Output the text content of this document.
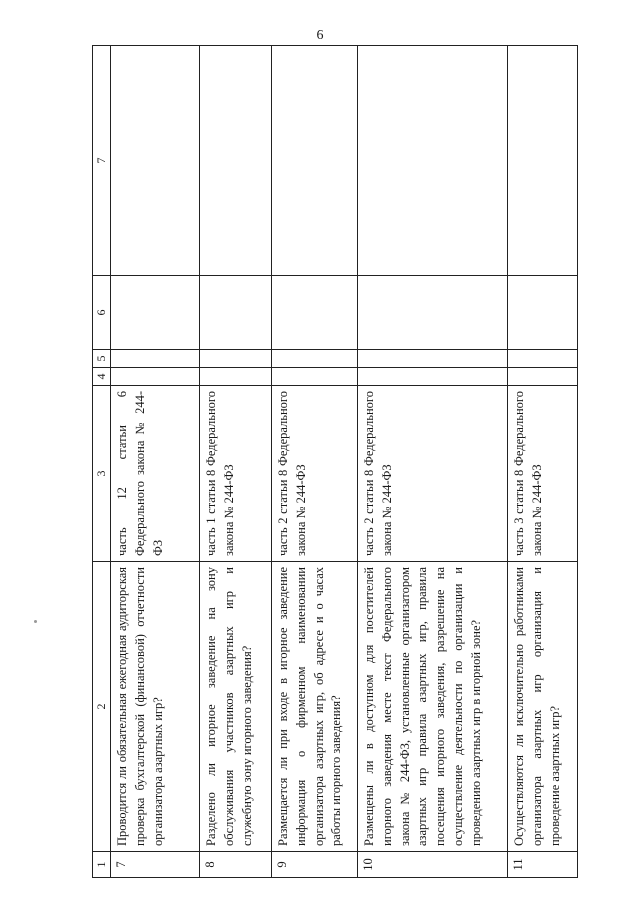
6
1	2	3	4	5	6	7
7	Проводится ли обязательная ежегодная аудиторская проверка бухгалтерской (финансовой) отчетности организатора азартных игр?	часть 12 статьи 6 Федерального закона № 244-ФЗ				
8	Разделено ли игорное заведение на зону обслуживания участников азартных игр и служебную зону игорного заведения?	часть 1 статьи 8 Федерального закона № 244-ФЗ				
9	Размещается ли при входе в игорное заведение информация о фирменном наименовании организатора азартных игр, об адресе и о часах работы игорного заведения?	часть 2 статьи 8 Федерального закона № 244-ФЗ				
10	Размещены ли в доступном для посетителей игорного заведения месте текст Федерального закона № 244-ФЗ, установленные организатором азартных игр правила азартных игр, правила посещения игорного заведения, разрешение на осуществление деятельности по организации и проведению азартных игр в игорной зоне?	часть 2 статьи 8 Федерального закона № 244-ФЗ				
11	Осуществляются ли исключительно работниками организатора азартных игр организация и проведение азартных игр?	часть 3 статьи 8 Федерального закона № 244-ФЗ				
